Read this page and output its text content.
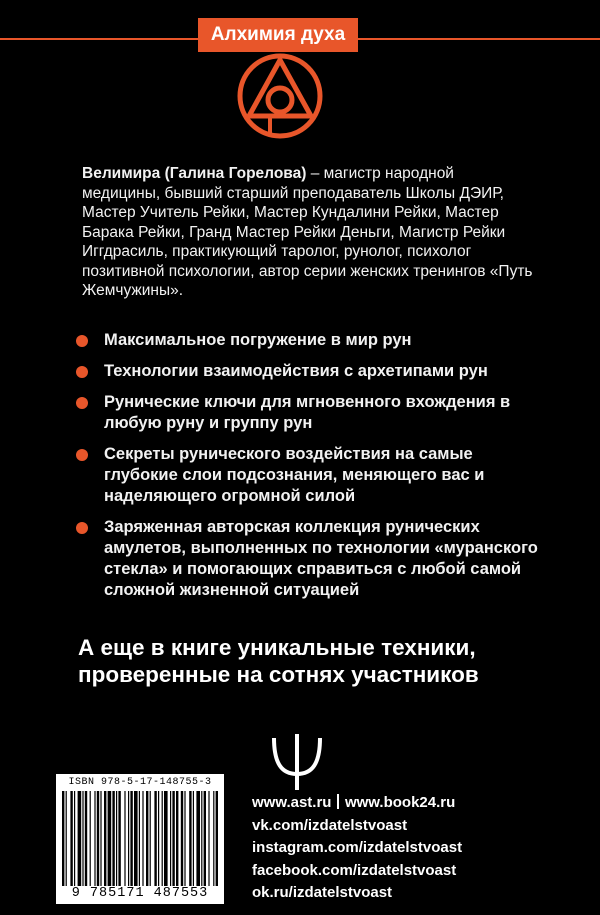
Алхимия духа
Велимира (Галина Горелова) – магистр народной медицины, бывший старший преподаватель Школы ДЭИР, Мастер Учитель Рейки, Мастер Кундалини Рейки, Мастер Барака Рейки, Гранд Мастер Рейки Деньги, Магистр Рейки Иггдрасиль, практикующий таролог, рунолог, психолог позитивной психологии, автор серии женских тренингов «Путь Жемчужины».
Максимальное погружение в мир рун
Технологии взаимодействия с архетипами рун
Рунические ключи для мгновенного вхождения в любую руну и группу рун
Секреты рунического воздействия на самые глубокие слои подсознания, меняющего вас и наделяющего огромной силой
Заряженная авторская коллекция рунических амулетов, выполненных по технологии «муранского стекла» и помогающих справиться с любой самой сложной жизненной ситуацией
А еще в книге уникальные техники,
проверенные на сотнях участников
ISBN 978-5-17-148755-3
9 785171 487553
www.ast.ru www.book24.ru
vk.com/izdatelstvoast
instagram.com/izdatelstvoast
facebook.com/izdatelstvoast
ok.ru/izdatelstvoast
